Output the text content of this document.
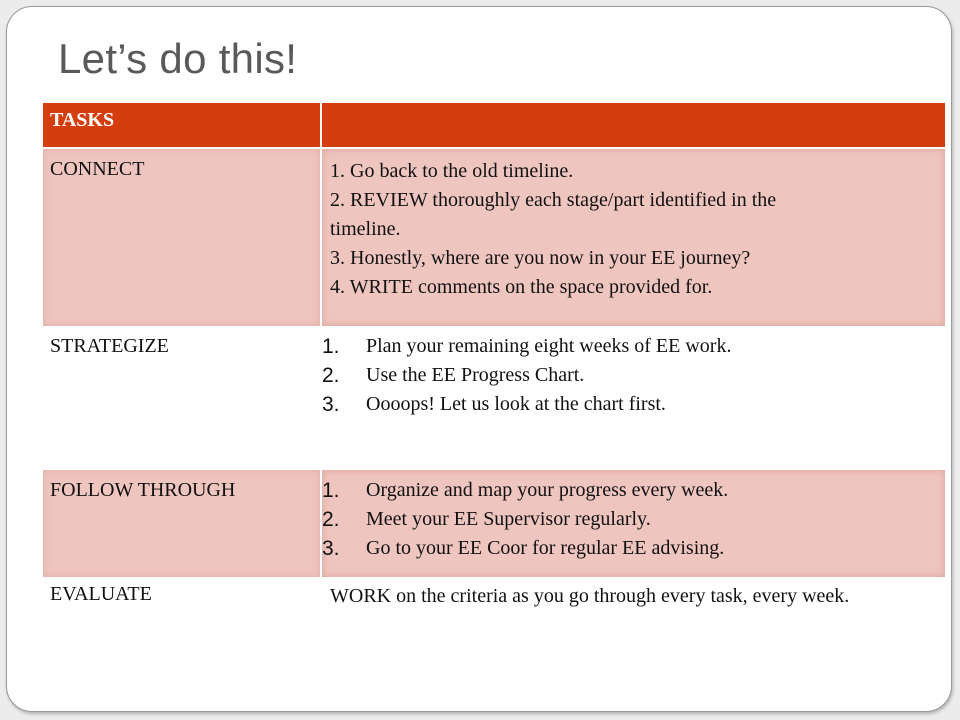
Let’s do this!
TASKS
CONNECT	1. Go back to the old timeline.
2. REVIEW thoroughly each stage/part identified in the
timeline.
3. Honestly, where are you now in your EE journey?
4. WRITE comments on the space provided for.
STRATEGIZE	1. Plan your remaining eight weeks of EE work.
2. Use the EE Progress Chart.
3. Oooops! Let us look at the chart first.
FOLLOW THROUGH	1. Organize and map your progress every week.
2. Meet your EE Supervisor regularly.
3. Go to your EE Coor for regular EE advising.
EVALUATE	WORK on the criteria as you go through every task, every week.
